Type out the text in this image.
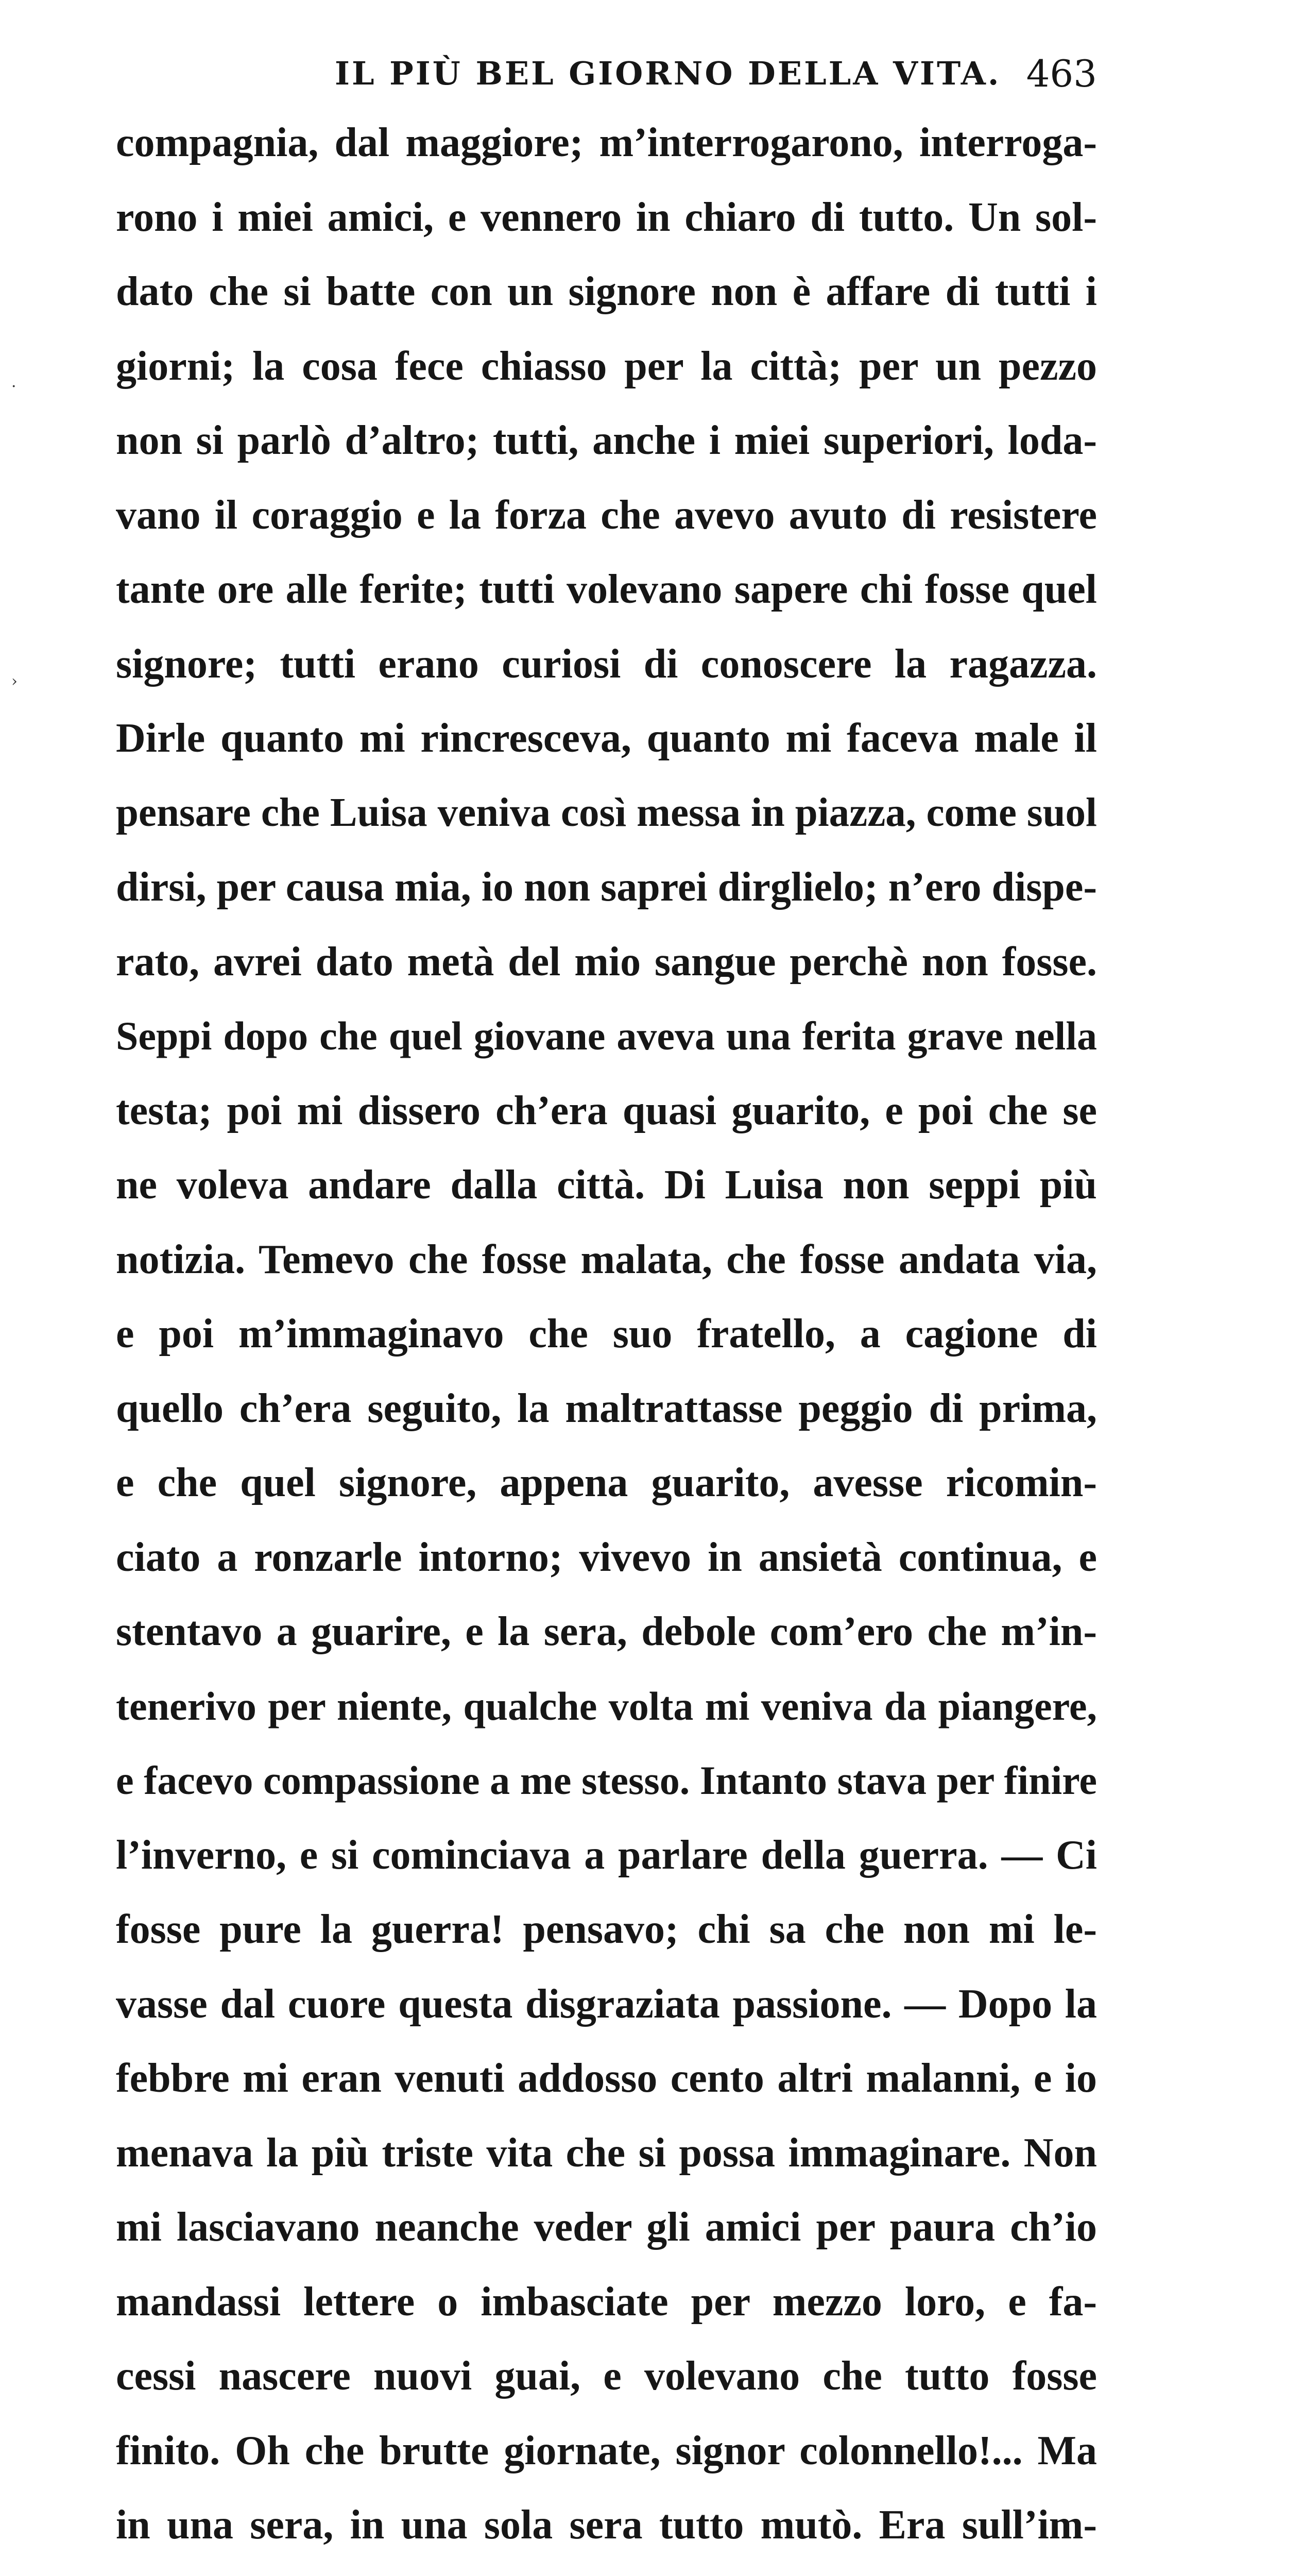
IL PIÙ BEL GIORNO DELLA VITA. 463
compagnia, dal maggiore; m’interrogarono, interroga-
rono i miei amici, e vennero in chiaro di tutto. Un sol-
dato che si batte con un signore non è affare di tutti i
giorni; la cosa fece chiasso per la città; per un pezzo
non si parlò d’altro; tutti, anche i miei superiori, loda-
vano il coraggio e la forza che avevo avuto di resistere
tante ore alle ferite; tutti volevano sapere chi fosse quel
signore; tutti erano curiosi di conoscere la ragazza.
Dirle quanto mi rincresceva, quanto mi faceva male il
pensare che Luisa veniva così messa in piazza, come suol
dirsi, per causa mia, io non saprei dirglielo; n’ero dispe-
rato, avrei dato metà del mio sangue perchè non fosse.
Seppi dopo che quel giovane aveva una ferita grave nella
testa; poi mi dissero ch’era quasi guarito, e poi che se
ne voleva andare dalla città. Di Luisa non seppi più
notizia. Temevo che fosse malata, che fosse andata via,
e poi m’immaginavo che suo fratello, a cagione di
quello ch’era seguito, la maltrattasse peggio di prima,
e che quel signore, appena guarito, avesse ricomin-
ciato a ronzarle intorno; vivevo in ansietà continua, e
stentavo a guarire, e la sera, debole com’ero che m’in-
tenerivo per niente, qualche volta mi veniva da piangere,
e facevo compassione a me stesso. Intanto stava per finire
l’inverno, e si cominciava a parlare della guerra. — Ci
fosse pure la guerra! pensavo; chi sa che non mi le-
vasse dal cuore questa disgraziata passione. — Dopo la
febbre mi eran venuti addosso cento altri malanni, e io
menava la più triste vita che si possa immaginare. Non
mi lasciavano neanche veder gli amici per paura ch’io
mandassi lettere o imbasciate per mezzo loro, e fa-
cessi nascere nuovi guai, e volevano che tutto fosse
finito. Oh che brutte giornate, signor colonnello!... Ma
in una sera, in una sola sera tutto mutò. Era sull’im-
›
·
